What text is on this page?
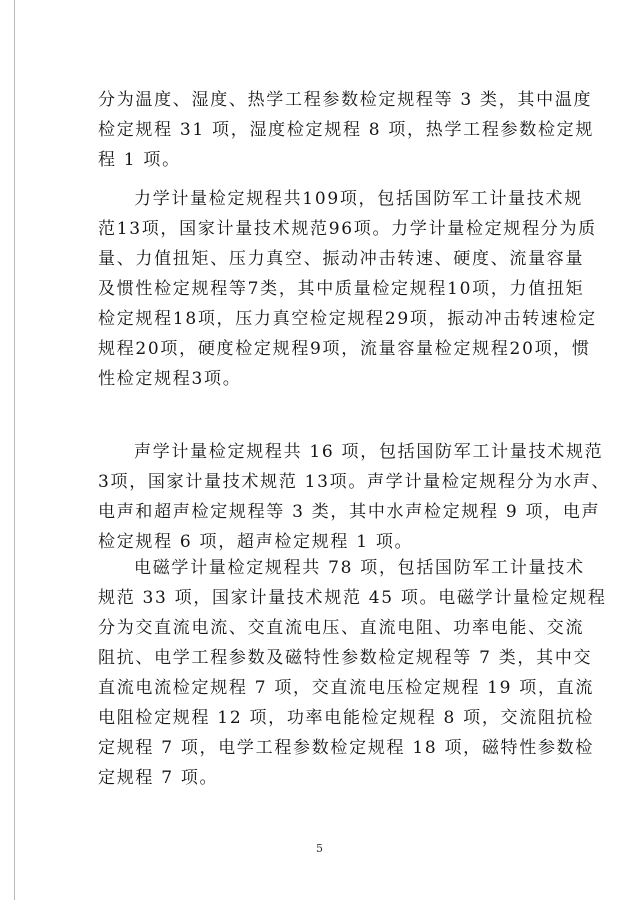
分为温度、湿度、热学工程参数检定规程等 3 类，其中温度
检定规程 31 项，湿度检定规程 8 项，热学工程参数检定规
程 1 项。
力学计量检定规程共109项，包括国防军工计量技术规
范13项，国家计量技术规范96项。力学计量检定规程分为质
量、力值扭矩、压力真空、振动冲击转速、硬度、流量容量
及惯性检定规程等7类，其中质量检定规程10项，力值扭矩
检定规程18项，压力真空检定规程29项，振动冲击转速检定
规程20项，硬度检定规程9项，流量容量检定规程20项，惯
性检定规程3项。
声学计量检定规程共 16 项，包括国防军工计量技术规范
3项，国家计量技术规范 13项。声学计量检定规程分为水声、
电声和超声检定规程等 3 类，其中水声检定规程 9 项，电声
检定规程 6 项，超声检定规程 1 项。
电磁学计量检定规程共 78 项，包括国防军工计量技术
规范 33 项，国家计量技术规范 45 项。电磁学计量检定规程
分为交直流电流、交直流电压、直流电阻、功率电能、交流
阻抗、电学工程参数及磁特性参数检定规程等 7 类，其中交
直流电流检定规程 7 项，交直流电压检定规程 19 项，直流
电阻检定规程 12 项，功率电能检定规程 8 项，交流阻抗检
定规程 7 项，电学工程参数检定规程 18 项，磁特性参数检
定规程 7 项。
5
